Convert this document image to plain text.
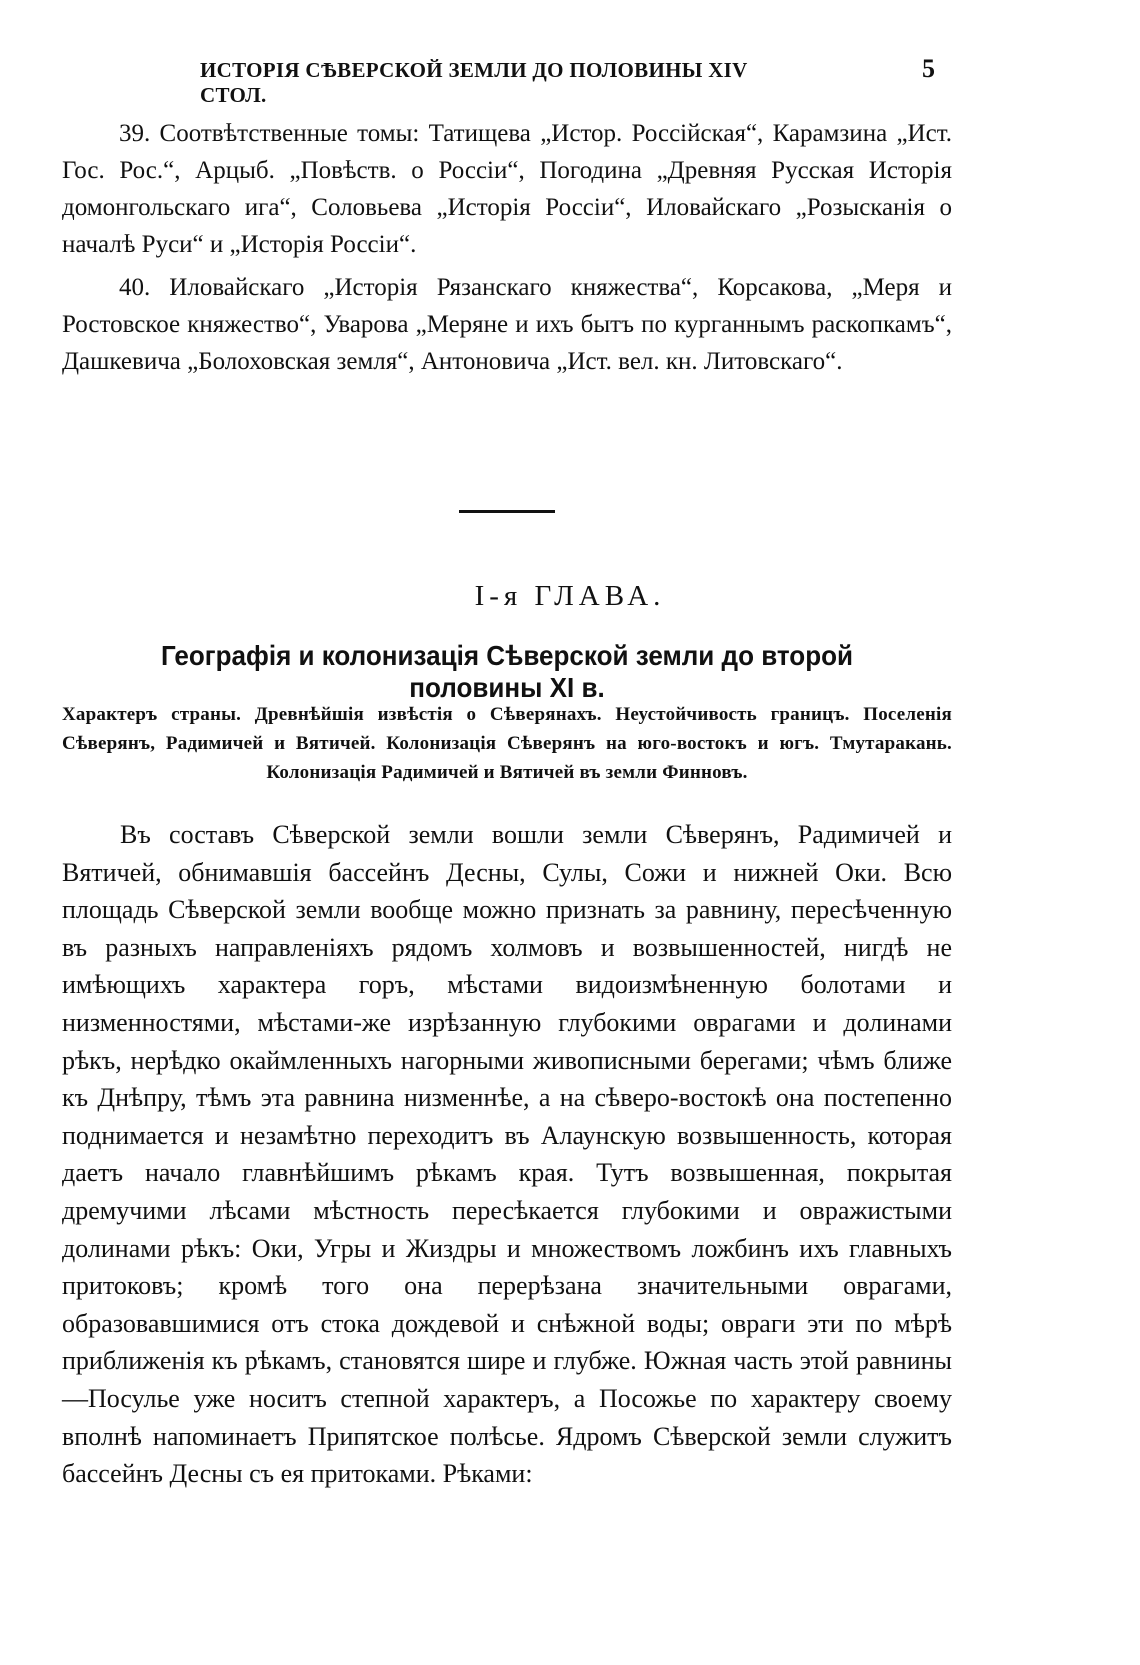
ИСТОРІЯ СѢВЕРСКОЙ ЗЕМЛИ ДО ПОЛОВИНЫ XIV СТОЛ.
5

39. Соотвѣтственные томы: Татищева „Истор. Россійская“, Карамзина „Ист. Гос. Рос.“, Арцыб. „Повѣств. о Россіи“, Погодина „Древняя Русская Исторія домонгольскаго ига“, Соловьева „Исторія Россіи“, Иловайскаго „Розысканія о началѣ Руси“ и „Исторія Россіи“.

40. Иловайскаго „Исторія Рязанскаго княжества“, Корсакова, „Меря и Ростовское княжество“, Уварова „Меряне и ихъ бытъ по курганнымъ раскопкамъ“, Дашкевича „Болоховская земля“, Антоновича „Ист. вел. кн. Литовскаго“.

I-я ГЛАВА.
Географія и колонизація Сѣверской земли до второй половины XI в.
Характеръ страны. Древнѣйшія извѣстія о Сѣверянахъ. Неустойчивость границъ. Поселенія Сѣверянъ, Радимичей и Вятичей. Колонизація Сѣверянъ на юго-востокъ и югъ. Тмутаракань. Колонизація Радимичей и Вятичей въ земли Финновъ.

Въ составъ Сѣверской земли вошли земли Сѣверянъ, Радимичей и Вятичей, обнимавшія бассейнъ Десны, Сулы, Сожи и нижней Оки. Всю площадь Сѣверской земли вообще можно признать за равнину, пересѣченную въ разныхъ направленіяхъ рядомъ холмовъ и возвышенностей, нигдѣ не имѣющихъ характера горъ, мѣстами видоизмѣненную болотами и низменностями, мѣстами-же изрѣзанную глубокими оврагами и долинами рѣкъ, нерѣдко окаймленныхъ нагорными живописными берегами; чѣмъ ближе къ Днѣпру, тѣмъ эта равнина низменнѣе, а на сѣверо-востокѣ она постепенно поднимается и незамѣтно переходитъ въ Алаунскую возвышенность, которая даетъ начало главнѣйшимъ рѣкамъ края. Тутъ возвышенная, покрытая дремучими лѣсами мѣстность пересѣкается глубокими и овражистыми долинами рѣкъ: Оки, Угры и Жиздры и множествомъ ложбинъ ихъ главныхъ притоковъ; кромѣ того она перерѣзана значительными оврагами, образовавшимися отъ стока дождевой и снѣжной воды; овраги эти по мѣрѣ приближенія къ рѣкамъ, становятся шире и глубже. Южная часть этой равнины—Посулье уже носитъ степной характеръ, а Посожье по характеру своему вполнѣ напоминаетъ Припятское полѣсье. Ядромъ Сѣверской земли служитъ бассейнъ Десны съ ея притоками. Рѣками:
